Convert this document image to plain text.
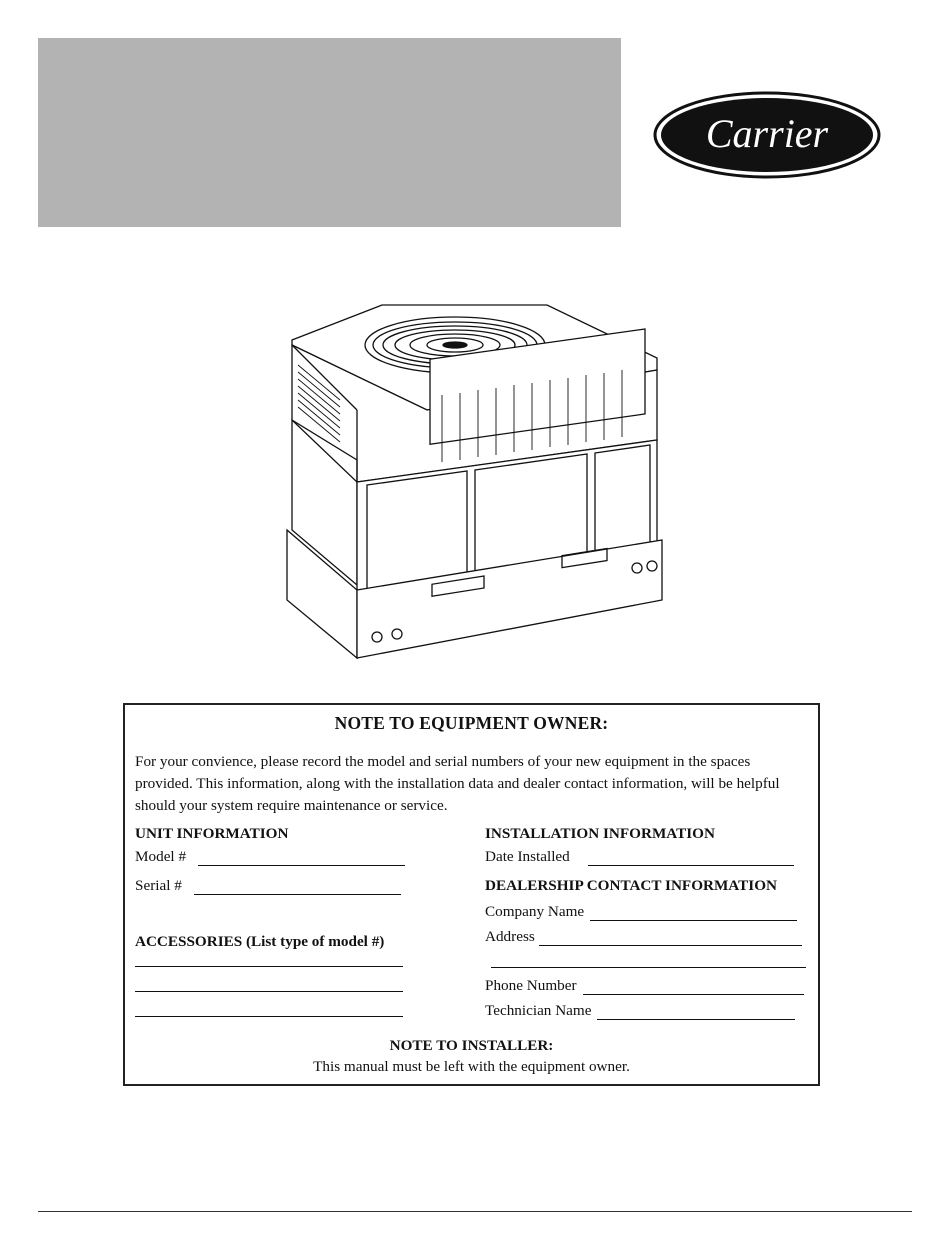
Carrier
NOTE TO EQUIPMENT OWNER:
For your convience, please record the model and serial numbers of your new equipment in the spaces provided. This information, along with the installation data and dealer contact information, will be helpful should your system require maintenance or service.
UNIT INFORMATION
Model #
Serial #
ACCESSORIES (List type of model #)
INSTALLATION INFORMATION
Date Installed
DEALERSHIP CONTACT INFORMATION
Company Name
Address
Phone Number
Technician Name
NOTE TO INSTALLER:
This manual must be left with the equipment owner.
